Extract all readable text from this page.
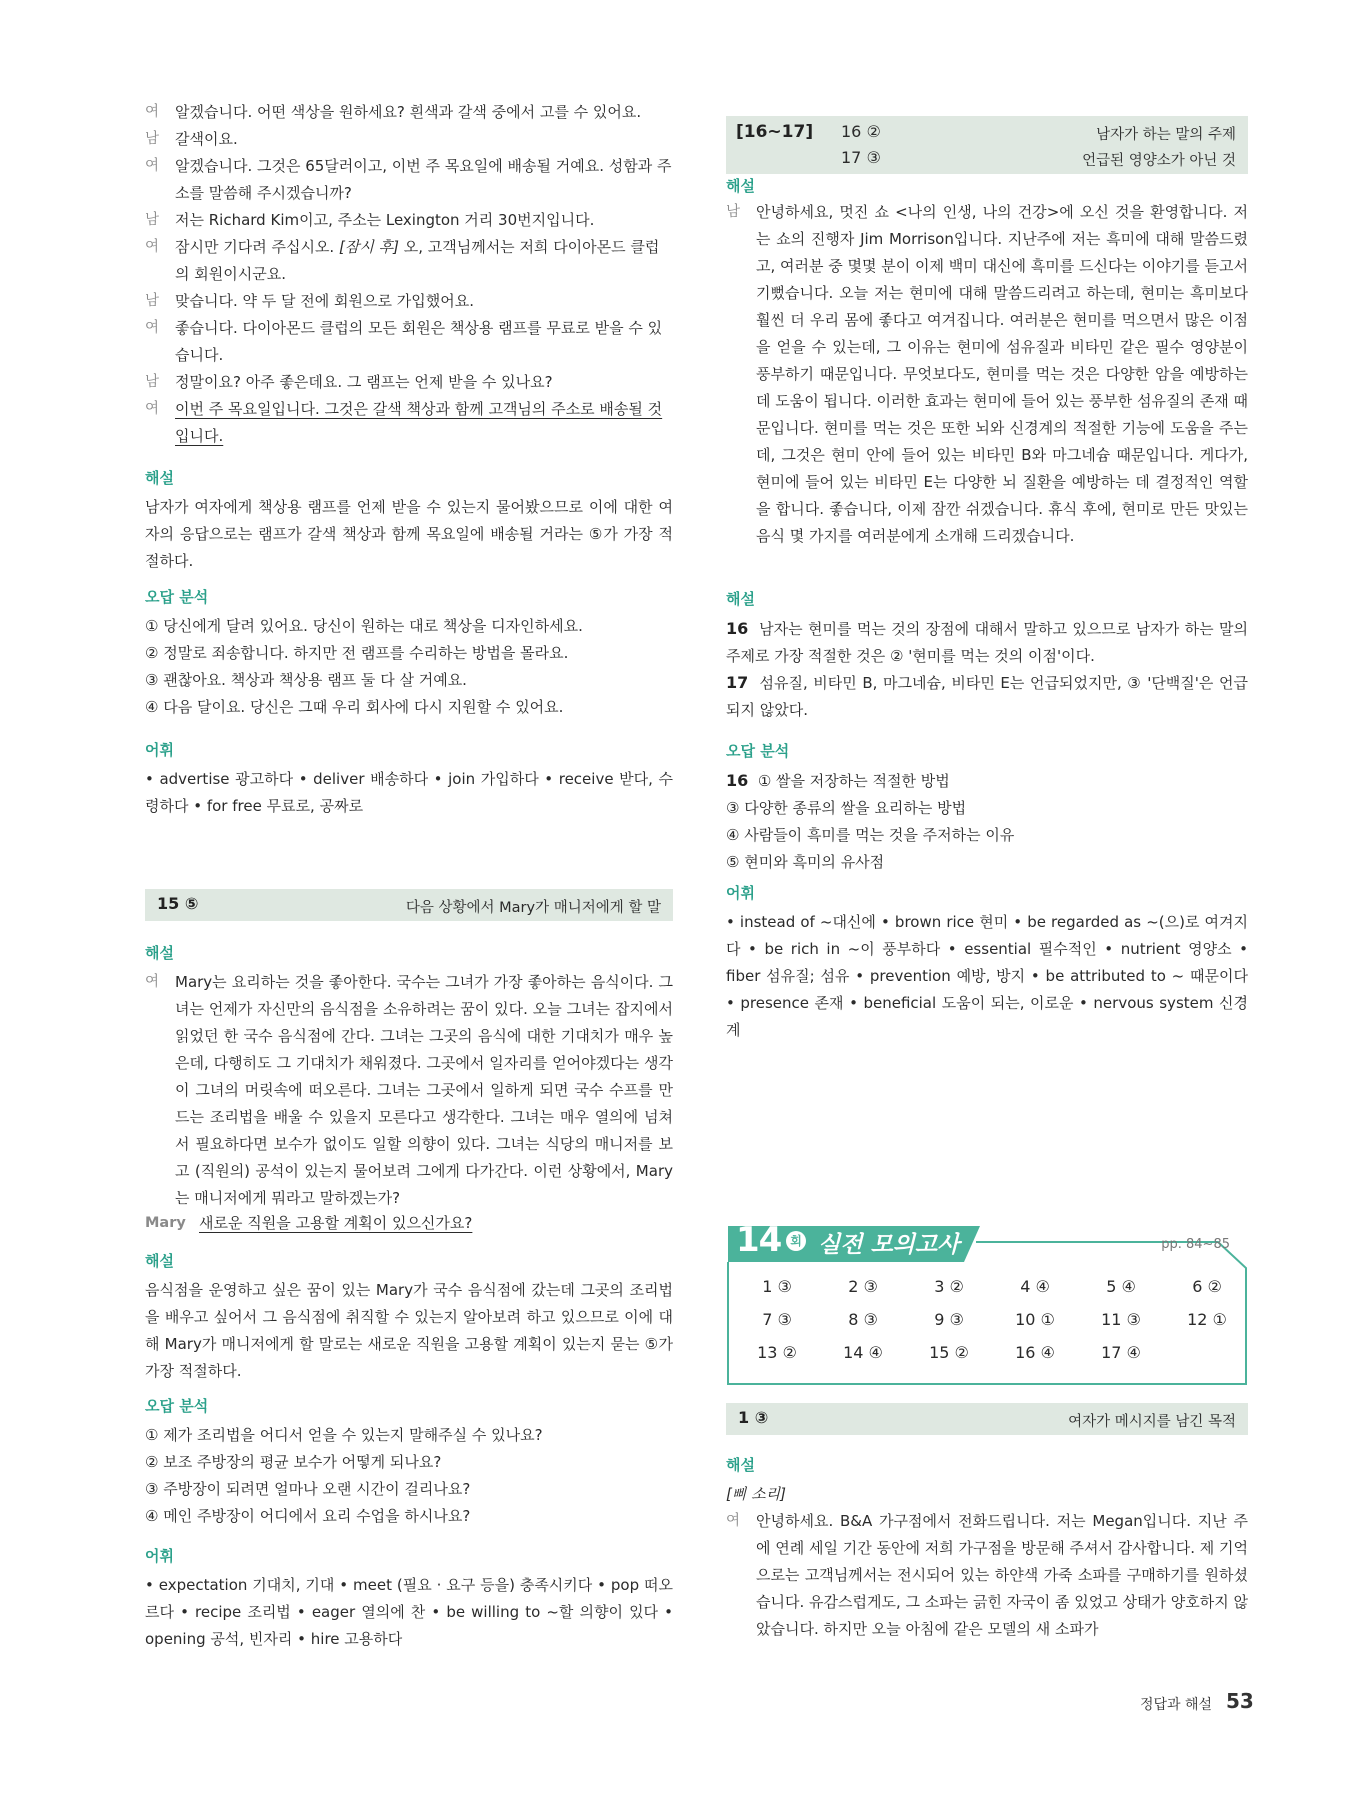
여 알겠습니다. 어떤 색상을 원하세요? 흰색과 갈색 중에서 고를 수 있어요.
남 갈색이요.
여 알겠습니다. 그것은 65달러이고, 이번 주 목요일에 배송될 거예요. 성함과 주소를 말씀해 주시겠습니까?
남 저는 Richard Kim이고, 주소는 Lexington 거리 30번지입니다.
여 잠시만 기다려 주십시오. [잠시 후] 오, 고객님께서는 저희 다이아몬드 클럽의 회원이시군요.
남 맞습니다. 약 두 달 전에 회원으로 가입했어요.
여 좋습니다. 다이아몬드 클럽의 모든 회원은 책상용 램프를 무료로 받을 수 있습니다.
남 정말이요? 아주 좋은데요. 그 램프는 언제 받을 수 있나요?
여 이번 주 목요일입니다. 그것은 갈색 책상과 함께 고객님의 주소로 배송될 것입니다.
해설
남자가 여자에게 책상용 램프를 언제 받을 수 있는지 물어봤으므로 이에 대한 여자의 응답으로는 램프가 갈색 책상과 함께 목요일에 배송될 거라는 ⑤가 가장 적절하다.
오답 분석
① 당신에게 달려 있어요. 당신이 원하는 대로 책상을 디자인하세요.
② 정말로 죄송합니다. 하지만 전 램프를 수리하는 방법을 몰라요.
③ 괜찮아요. 책상과 책상용 램프 둘 다 살 거예요.
④ 다음 달이요. 당신은 그때 우리 회사에 다시 지원할 수 있어요.
어휘
• advertise 광고하다 • deliver 배송하다 • join 가입하다 • receive 받다, 수령하다 • for free 무료로, 공짜로
15 ⑤	다음 상황에서 Mary가 매니저에게 할 말
해설
여 Mary는 요리하는 것을 좋아한다. 국수는 그녀가 가장 좋아하는 음식이다. 그녀는 언제가 자신만의 음식점을 소유하려는 꿈이 있다. 오늘 그녀는 잡지에서 읽었던 한 국수 음식점에 간다. 그녀는 그곳의 음식에 대한 기대치가 매우 높은데, 다행히도 그 기대치가 채워졌다. 그곳에서 일자리를 얻어야겠다는 생각이 그녀의 머릿속에 떠오른다. 그녀는 그곳에서 일하게 되면 국수 수프를 만드는 조리법을 배울 수 있을지 모른다고 생각한다. 그녀는 매우 열의에 넘쳐서 필요하다면 보수가 없이도 일할 의향이 있다. 그녀는 식당의 매니저를 보고 (직원의) 공석이 있는지 물어보려 그에게 다가간다. 이런 상황에서, Mary는 매니저에게 뭐라고 말하겠는가?
Mary 새로운 직원을 고용할 계획이 있으신가요?
해설
음식점을 운영하고 싶은 꿈이 있는 Mary가 국수 음식점에 갔는데 그곳의 조리법을 배우고 싶어서 그 음식점에 취직할 수 있는지 알아보려 하고 있으므로 이에 대해 Mary가 매니저에게 할 말로는 새로운 직원을 고용할 계획이 있는지 묻는 ⑤가 가장 적절하다.
오답 분석
① 제가 조리법을 어디서 얻을 수 있는지 말해주실 수 있나요?
② 보조 주방장의 평균 보수가 어떻게 되나요?
③ 주방장이 되려면 얼마나 오랜 시간이 걸리나요?
④ 메인 주방장이 어디에서 요리 수업을 하시나요?
어휘
• expectation 기대치, 기대 • meet (필요 · 요구 등을) 충족시키다 • pop 떠오르다 • recipe 조리법 • eager 열의에 찬 • be willing to ~할 의향이 있다 • opening 공석, 빈자리 • hire 고용하다
[16~17] 16 ②	남자가 하는 말의 주제
17 ③	언급된 영양소가 아닌 것
해설
남 안녕하세요, 멋진 쇼 <나의 인생, 나의 건강>에 오신 것을 환영합니다. 저는 쇼의 진행자 Jim Morrison입니다. 지난주에 저는 흑미에 대해 말씀드렸고, 여러분 중 몇몇 분이 이제 백미 대신에 흑미를 드신다는 이야기를 듣고서 기뻤습니다. 오늘 저는 현미에 대해 말씀드리려고 하는데, 현미는 흑미보다 훨씬 더 우리 몸에 좋다고 여겨집니다. 여러분은 현미를 먹으면서 많은 이점을 얻을 수 있는데, 그 이유는 현미에 섬유질과 비타민 같은 필수 영양분이 풍부하기 때문입니다. 무엇보다도, 현미를 먹는 것은 다양한 암을 예방하는 데 도움이 됩니다. 이러한 효과는 현미에 들어 있는 풍부한 섬유질의 존재 때문입니다. 현미를 먹는 것은 또한 뇌와 신경계의 적절한 기능에 도움을 주는데, 그것은 현미 안에 들어 있는 비타민 B와 마그네슘 때문입니다. 게다가, 현미에 들어 있는 비타민 E는 다양한 뇌 질환을 예방하는 데 결정적인 역할을 합니다. 좋습니다, 이제 잠깐 쉬겠습니다. 휴식 후에, 현미로 만든 맛있는 음식 몇 가지를 여러분에게 소개해 드리겠습니다.
해설
16 남자는 현미를 먹는 것의 장점에 대해서 말하고 있으므로 남자가 하는 말의 주제로 가장 적절한 것은 ② '현미를 먹는 것의 이점'이다.
17 섬유질, 비타민 B, 마그네슘, 비타민 E는 언급되었지만, ③ '단백질'은 언급되지 않았다.
오답 분석
16 ① 쌀을 저장하는 적절한 방법
③ 다양한 종류의 쌀을 요리하는 방법
④ 사람들이 흑미를 먹는 것을 주저하는 이유
⑤ 현미와 흑미의 유사점
어휘
• instead of ~대신에 • brown rice 현미 • be regarded as ~(으)로 여겨지다 • be rich in ~이 풍부하다 • essential 필수적인 • nutrient 영양소 • fiber 섬유질; 섬유 • prevention 예방, 방지 • be attributed to ~ 때문이다 • presence 존재 • beneficial 도움이 되는, 이로운 • nervous system 신경계
14 회 실전 모의고사	pp. 84~85
1 ③	2 ③	3 ②	4 ④	5 ④	6 ②
7 ③	8 ③	9 ③	10 ①	11 ③	12 ①
13 ②	14 ④	15 ②	16 ④	17 ④
1 ③	여자가 메시지를 남긴 목적
해설
[삐 소리]
여 안녕하세요. B&A 가구점에서 전화드립니다. 저는 Megan입니다. 지난 주에 연례 세일 기간 동안에 저희 가구점을 방문해 주셔서 감사합니다. 제 기억으로는 고객님께서는 전시되어 있는 하얀색 가죽 소파를 구매하기를 원하셨습니다. 유감스럽게도, 그 소파는 긁힌 자국이 좀 있었고 상태가 양호하지 않았습니다. 하지만 오늘 아침에 같은 모델의 새 소파가
정답과 해설 53
